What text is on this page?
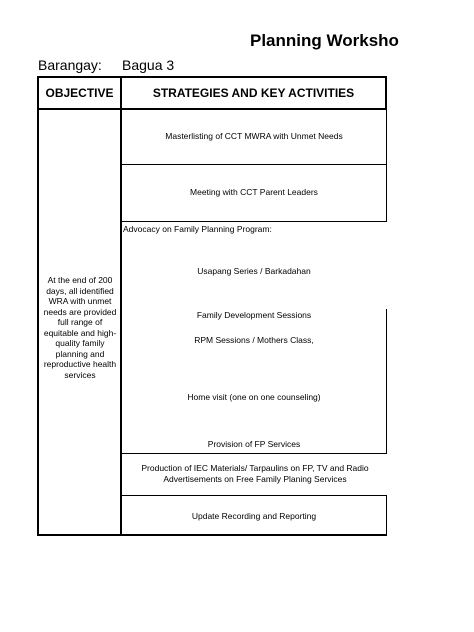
Planning Worksho
Barangay: Bagua 3
OBJECTIVE	STRATEGIES AND KEY ACTIVITIES
At the end of 200 days, all identified WRA with unmet needs are provided full range of equitable and high-quality family planning and reproductive health services
Masterlisting of CCT MWRA with Unmet Needs
Meeting with CCT Parent Leaders
Advocacy on Family Planning Program:
Usapang Series / Barkadahan
Family Development Sessions
RPM Sessions / Mothers Class,
Home visit (one on one counseling)
Provision of FP Services
Production of IEC Materials/ Tarpaulins on FP, TV and Radio Advertisements on Free Family Planing Services
Update Recording and Reporting
